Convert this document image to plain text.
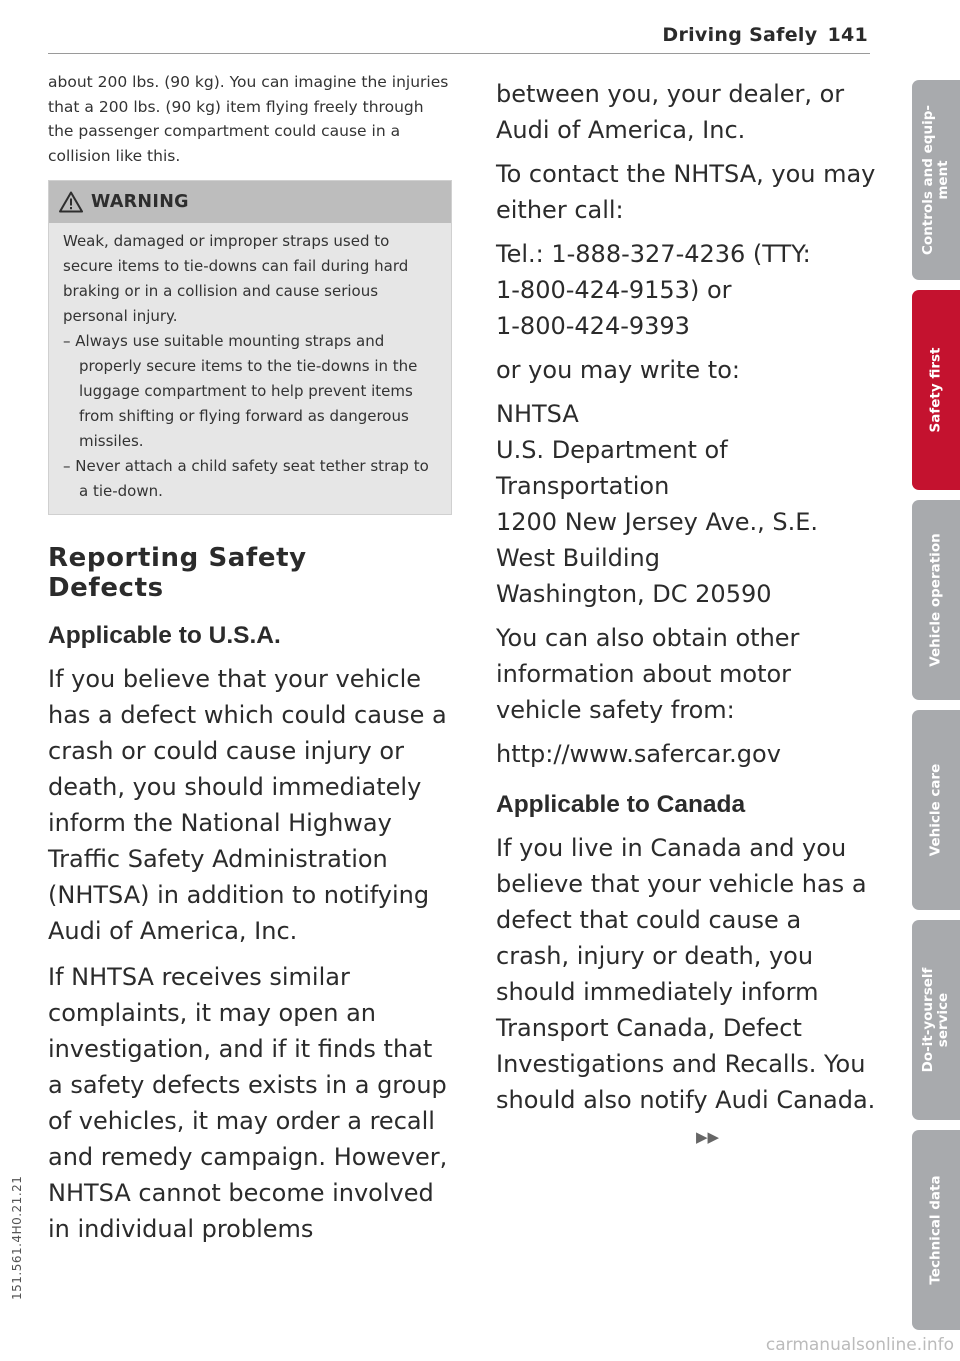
Driving Safely 141

about 200 lbs. (90 kg). You can imagine the injuries that a 200 lbs. (90 kg) item flying freely through the passenger compartment could cause in a collision like this.

WARNING

Weak, damaged or improper straps used to secure items to tie-downs can fail during hard braking or in a collision and cause serious personal injury.

– Always use suitable mounting straps and properly secure items to the tie-downs in the luggage compartment to help prevent items from shifting or flying forward as dangerous missiles.
– Never attach a child safety seat tether strap to a tie-down.
Reporting Safety Defects
Applicable to U.S.A.

If you believe that your vehicle has a defect which could cause a crash or could cause injury or death, you should immediately inform the National Highway Traffic Safety Administration (NHTSA) in addition to notifying Audi of America, Inc.

If NHTSA receives similar complaints, it may open an investigation, and if it finds that a safety defects exists in a group of vehicles, it may order a recall and remedy campaign. However, NHTSA cannot become involved in individual problems

between you, your dealer, or Audi of America, Inc.

To contact the NHTSA, you may either call:

Tel.: 1-888-327-4236 (TTY:
1-800-424-9153) or
1-800-424-9393

or you may write to:

NHTSA
U.S. Department of Transportation
1200 New Jersey Ave., S.E.
West Building
Washington, DC 20590

You can also obtain other information about motor vehicle safety from:

http://www.safercar.gov

Applicable to Canada

If you live in Canada and you believe that your vehicle has a defect that could cause a crash, injury or death, you should immediately inform Transport Canada, Defect Investigations and Recalls. You should also notify Audi Canada.▶▶

Controls and equip-
ment
Safety first
Vehicle operation
Vehicle care
Do-it-yourself
service
Technical data
151.561.4H0.21.21
carmanualsonline.info
